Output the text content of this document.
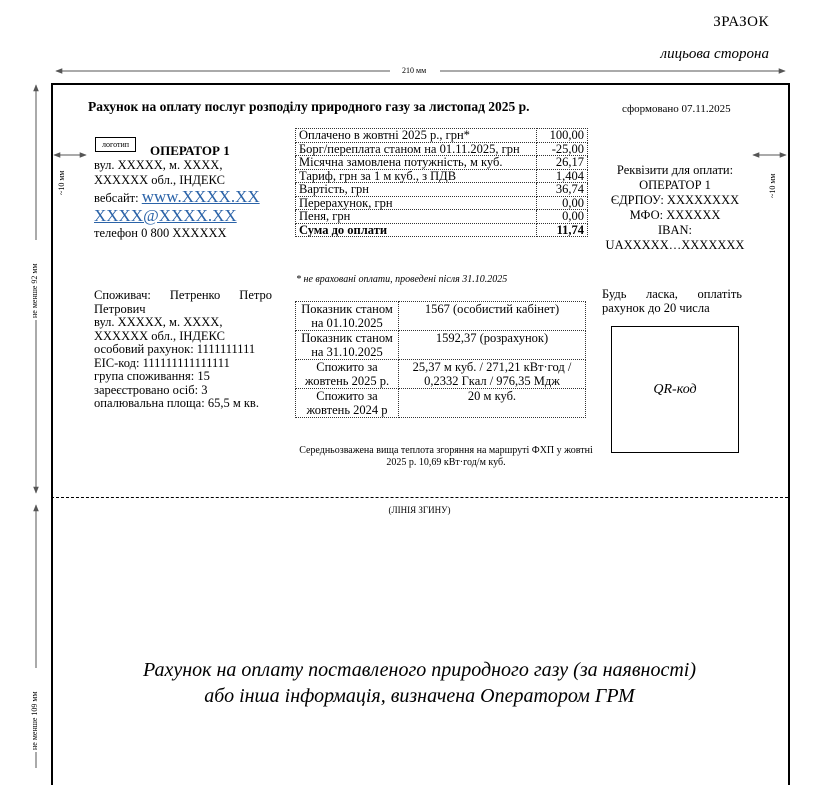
210 мм
~10 мм	~10 мм
не менше 92 мм
не менше 109 мм
ЗРАЗОК
лицьова сторона
Рахунок на оплату послуг розподілу природного газу за листопад 2025 р.	сформовано 07.11.2025
логотип	ОПЕРАТОР 1
вул. ХХХХХ, м. ХХХХ,
ХХХХХХ обл., ІНДЕКС
вебсайт: www.XXXX.XX
XXXX@XXXX.XX
телефон 0 800 XXXXXX
Споживач: Петренко Петро Петрович
вул. ХХХХХ, м. ХХХХ,
ХХХХХХ обл., ІНДЕКС
особовий рахунок: 1111111111
EIC-код: 111111111111111
група споживання: 15
зареєстровано осіб: 3
опалювальна площа: 65,5 м кв.
Оплачено в жовтні 2025 р., грн*	100,00
Борг/переплата станом на 01.11.2025, грн	-25,00
Місячна замовлена потужність, м куб.	26,17
Тариф, грн за 1 м куб., з ПДВ	1,404
Вартість, грн	36,74
Перерахунок, грн	0,00
Пеня, грн	0,00
Сума до оплати	11,74
* не враховані оплати, проведені після 31.10.2025
Показник станом на 01.10.2025	1567 (особистий кабінет)
Показник станом на 31.10.2025	1592,37 (розрахунок)
Спожито за жовтень 2025 р.	25,37 м куб. / 271,21 кВт·год / 0,2332 Гкал / 976,35 Мдж
Спожито за жовтень 2024 р	20 м куб.
Середньозважена вища теплота згоряння на маршруті ФХП у жовтні 2025 р. 10,69 кВт·год/м куб.
Реквізити для оплати:
ОПЕРАТОР 1
ЄДРПОУ: ХХХХХХХХ
МФО: XXXXXX
IBAN:
UAXXXXX…XXXXXXX
Будь ласка, оплатіть рахунок до 20 числа
QR-код
(ЛІНІЯ ЗГИНУ)
Рахунок на оплату поставленого природного газу (за наявності)
або інша інформація, визначена Оператором ГРМ
